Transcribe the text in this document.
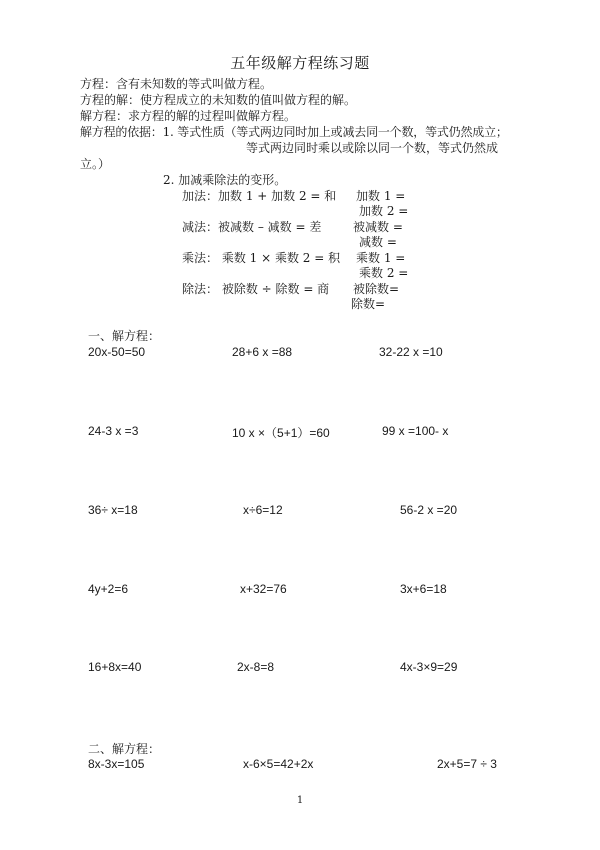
五年级解方程练习题
方程：含有未知数的等式叫做方程。
方程的解：使方程成立的未知数的值叫做方程的解。
解方程：求方程的解的过程叫做解方程。
解方程的依据：1. 等式性质（等式两边同时加上或减去同一个数，等式仍然成立；
等式两边同时乘以或除以同一个数，等式仍然成
立。）
2. 加减乘除法的变形。
加法：加数 1 + 加数 2 = 和 加数 1 =
加数 2 =
减法：被减数 – 减数 = 差	被减数 =
减数 =
乘法： 乘数 1 × 乘数 2 = 积 乘数 1 =
乘数 2 =
除法： 被除数 ÷ 除数 = 商 被除数=
除数=
一、解方程：
20x-50=50	28+6 x =88	32-22 x =10
24-3 x =3	10 x ×（5+1）=60	99 x =100- x
36÷ x=18	x÷6=12	56-2 x =20
4y+2=6	x+32=76	3x+6=18
16+8x=40	2x-8=8	4x-3×9=29
二、解方程：
8x-3x=105	x-6×5=42+2x	2x+5=7 ÷ 3
1
